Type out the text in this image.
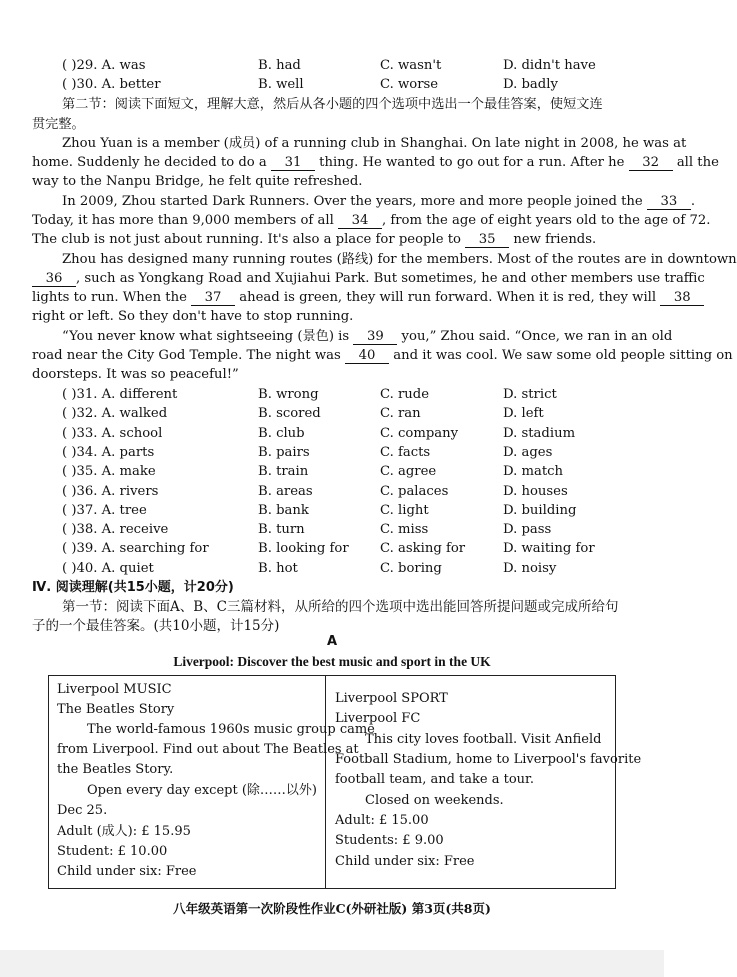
( )29. A. was	B. had	C. wasn't	D. didn't have
( )30. A. better	B. well	C. worse	D. badly
第二节：阅读下面短文，理解大意，然后从各小题的四个选项中选出一个最佳答案，使短文连
贯完整。
Zhou Yuan is a member (成员) of a running club in Shanghai. On late night in 2008, he was at
home. Suddenly he decided to do a 31 thing. He wanted to go out for a run. After he 32 all the
way to the Nanpu Bridge, he felt quite refreshed.
In 2009, Zhou started Dark Runners. Over the years, more and more people joined the 33 .
Today, it has more than 9,000 members of all 34 , from the age of eight years old to the age of 72.
The club is not just about running. It's also a place for people to 35 new friends.
Zhou has designed many running routes (路线) for the members. Most of the routes are in downtown
36 , such as Yongkang Road and Xujiahui Park. But sometimes, he and other members use traffic
lights to run. When the 37 ahead is green, they will run forward. When it is red, they will 38
right or left. So they don't have to stop running.
“You never know what sightseeing (景色) is 39 you,” Zhou said. “Once, we ran in an old
road near the City God Temple. The night was 40 and it was cool. We saw some old people sitting on
doorsteps. It was so peaceful!”
( )31. A. different	B. wrong	C. rude	D. strict
( )32. A. walked	B. scored	C. ran	D. left
( )33. A. school	B. club	C. company	D. stadium
( )34. A. parts	B. pairs	C. facts	D. ages
( )35. A. make	B. train	C. agree	D. match
( )36. A. rivers	B. areas	C. palaces	D. houses
( )37. A. tree	B. bank	C. light	D. building
( )38. A. receive	B. turn	C. miss	D. pass
( )39. A. searching for	B. looking for C. asking for	D. waiting for
( )40. A. quiet	B. hot	C. boring	D. noisy
Ⅳ. 阅读理解(共15小题，计20分)
第一节：阅读下面A、B、C三篇材料，从所给的四个选项中选出能回答所提问题或完成所给句
子的一个最佳答案。(共10小题，计15分)
A
Liverpool: Discover the best music and sport in the UK
Liverpool MUSIC
The Beatles Story
The world-famous 1960s music group came
from Liverpool. Find out about The Beatles at
the Beatles Story.
Open every day except (除……以外)
Dec 25.
Adult (成人): £ 15.95
Student: £ 10.00
Child under six: Free
Liverpool SPORT
Liverpool FC
This city loves football. Visit Anfield
Football Stadium, home to Liverpool's favorite
football team, and take a tour.
Closed on weekends.
Adult: £ 15.00
Students: £ 9.00
Child under six: Free
八年级英语第一次阶段性作业C(外研社版) 第3页(共8页)
